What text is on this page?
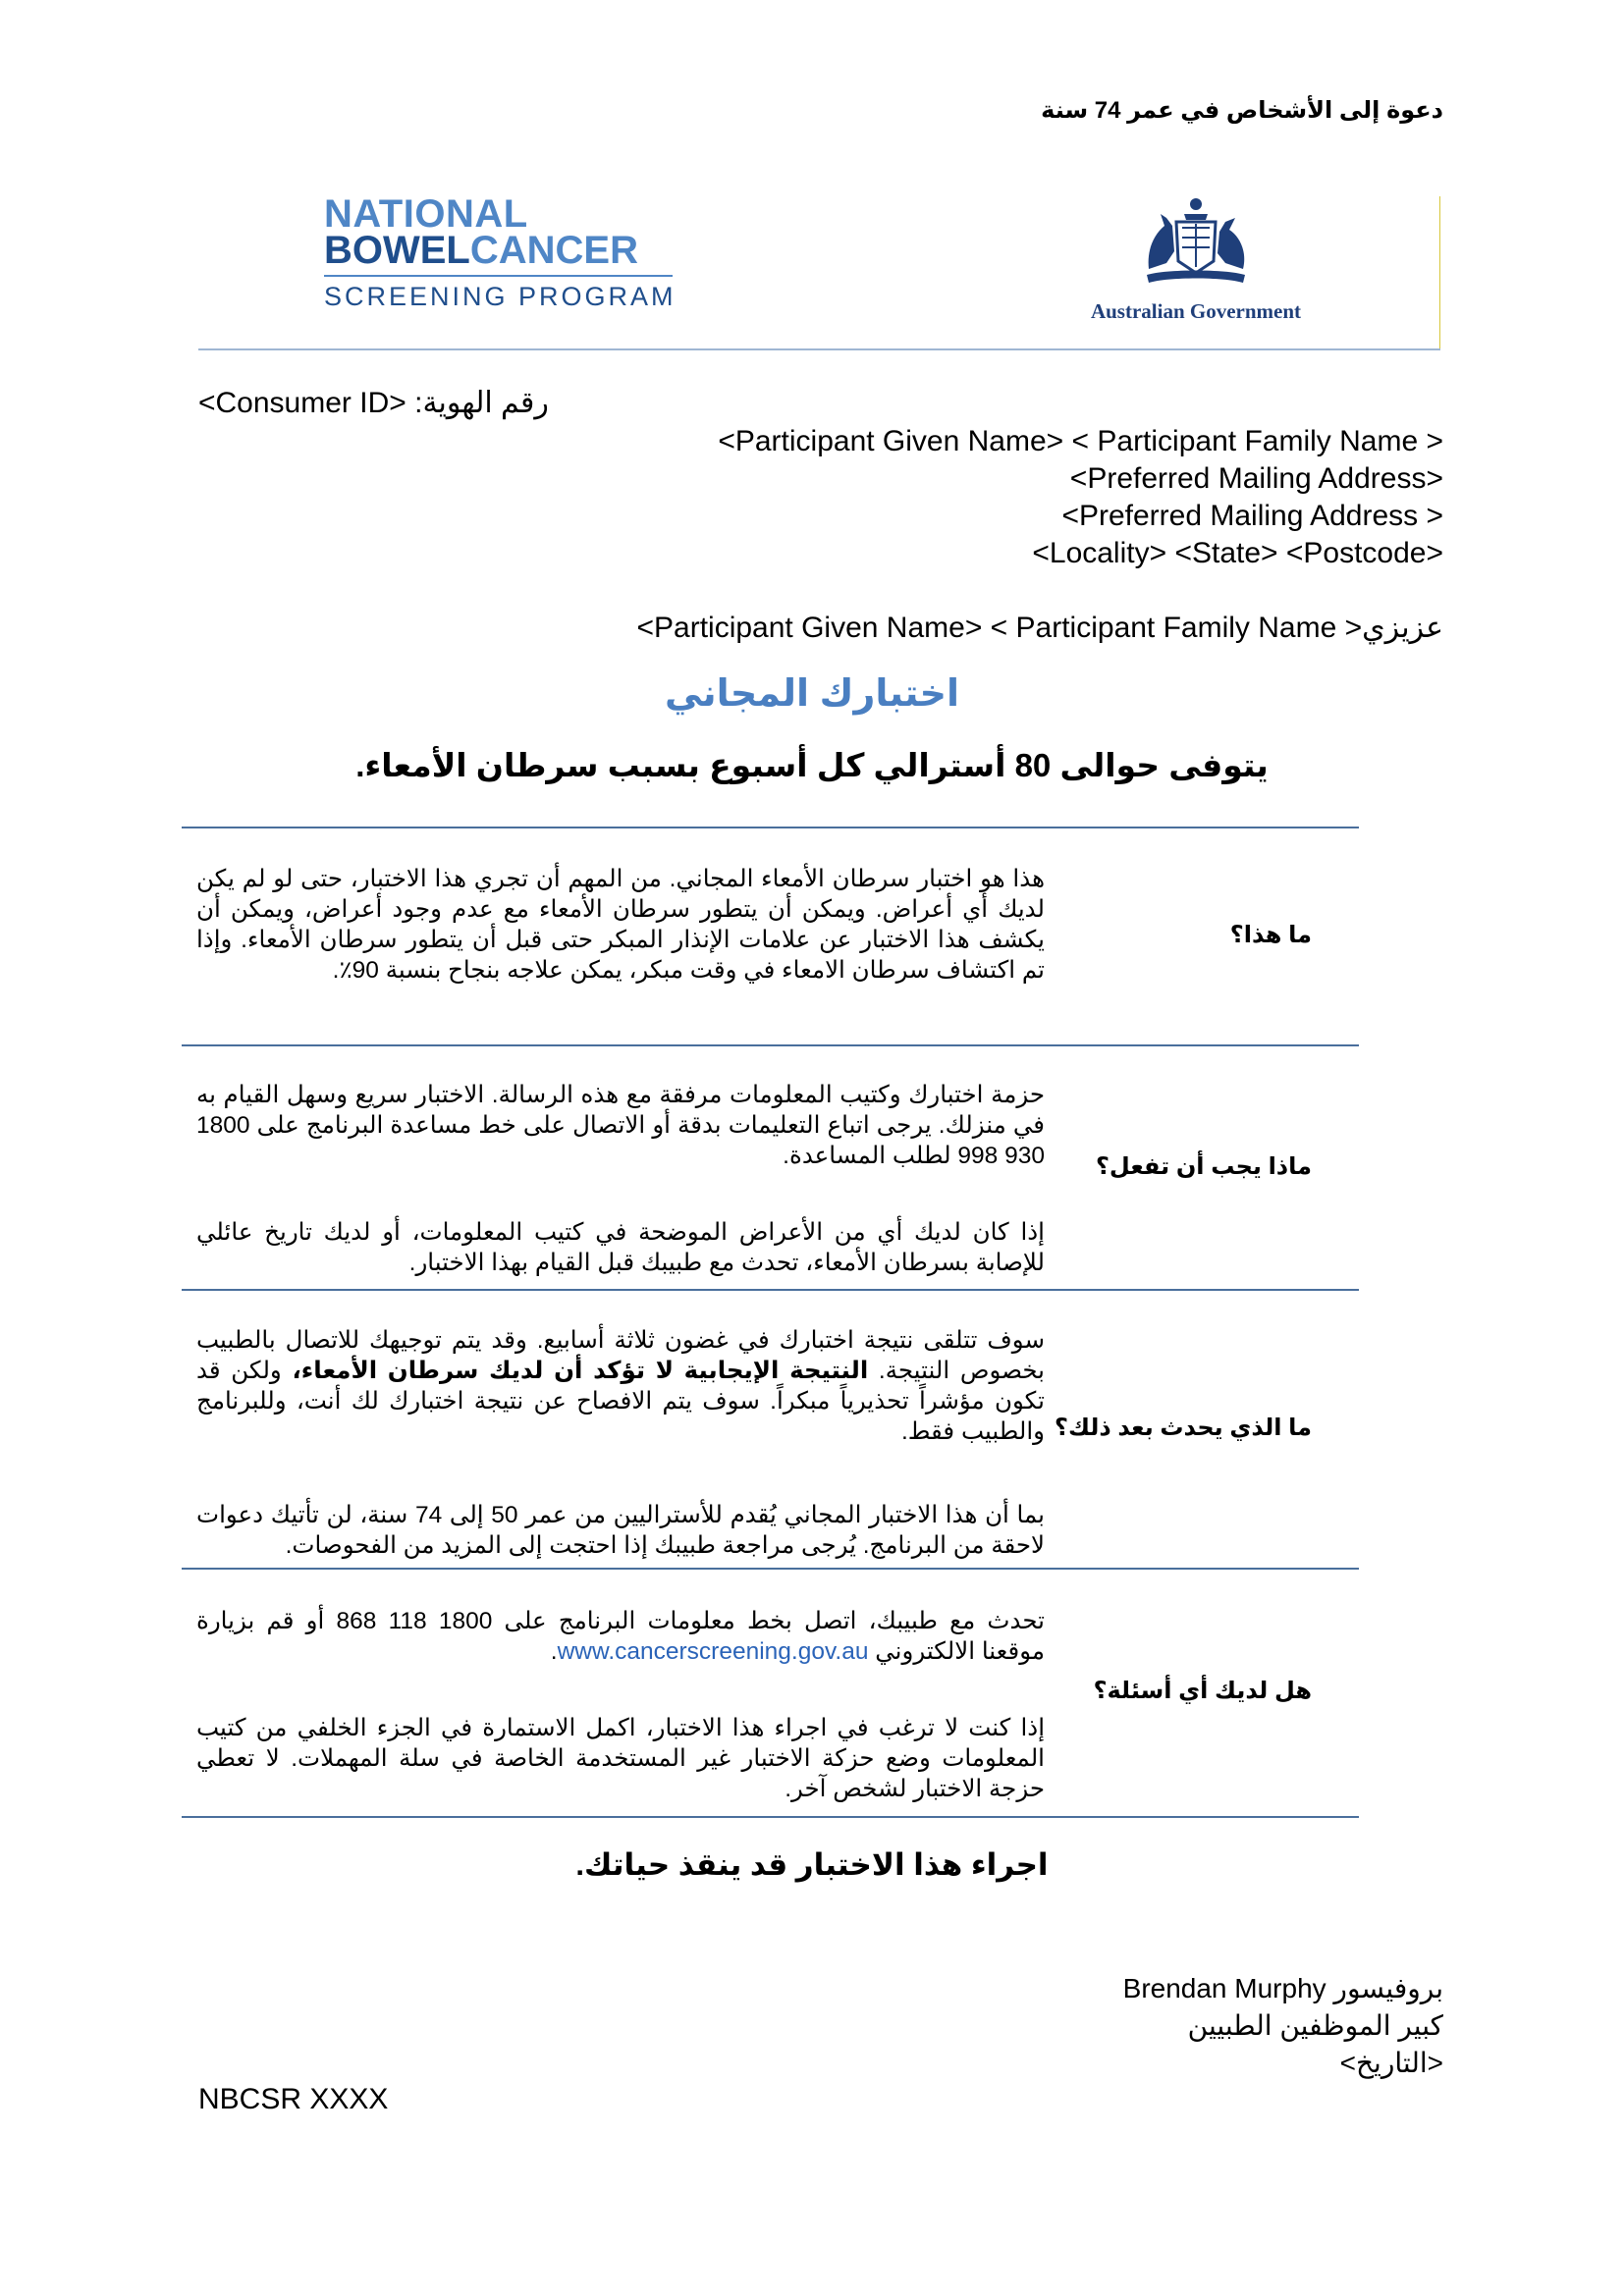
دعوة إلى الأشخاص في عمر 74 سنة
NATIONAL
BOWELCANCER
SCREENING PROGRAM	Australian Government
<Consumer ID> :رقم الهوية
<Participant Given Name> < Participant Family Name >
<Preferred Mailing Address>
<Preferred Mailing Address >
<Locality> <State> <Postcode>
<Participant Given Name> < Participant Family Name >عزيزي
اختبارك المجاني
يتوفى حوالى 80 أسترالي كل أسبوع بسبب سرطان الأمعاء.
ما هذا؟
هذا هو اختبار سرطان الأمعاء المجاني. من المهم أن تجري هذا الاختبار، حتى لو لم يكن لديك أي أعراض. ويمكن أن يتطور سرطان الأمعاء مع عدم وجود أعراض، ويمكن أن يكشف هذا الاختبار عن علامات الإنذار المبكر حتى قبل أن يتطور سرطان الأمعاء. وإذا تم اكتشاف سرطان الامعاء في وقت مبكر، يمكن علاجه بنجاح بنسبة 90٪.
ماذا يجب أن تفعل؟
حزمة اختبارك وكتيب المعلومات مرفقة مع هذه الرسالة. الاختبار سريع وسهل القيام به في منزلك. يرجى اتباع التعليمات بدقة أو الاتصال على خط مساعدة البرنامج على 1800 930 998 لطلب المساعدة.
إذا كان لديك أي من الأعراض الموضحة في كتيب المعلومات، أو لديك تاريخ عائلي للإصابة بسرطان الأمعاء، تحدث مع طبيبك قبل القيام بهذا الاختبار.
ما الذي يحدث بعد ذلك؟
سوف تتلقى نتيجة اختبارك في غضون ثلاثة أسابيع. وقد يتم توجيهك للاتصال بالطبيب بخصوص النتيجة. النتيجة الإيجابية لا تؤكد أن لديك سرطان الأمعاء، ولكن قد تكون مؤشراً تحذيرياً مبكراً. سوف يتم الافصاح عن نتيجة اختبارك لك أنت، وللبرنامج والطبيب فقط.
بما أن هذا الاختبار المجاني يُقدم للأستراليين من عمر 50 إلى 74 سنة، لن تأتيك دعوات لاحقة من البرنامج. يُرجى مراجعة طبيبك إذا احتجت إلى المزيد من الفحوصات.
هل لديك أي أسئلة؟
تحدث مع طبيبك، اتصل بخط معلومات البرنامج على 1800 118 868 أو قم بزيارة موقعنا الالكتروني www.cancerscreening.gov.au.
إذا كنت لا ترغب في اجراء هذا الاختبار، اكمل الاستمارة في الجزء الخلفي من كتيب المعلومات وضع حزكة الاختبار غير المستخدمة الخاصة في سلة المهملات. لا تعطي حزجة الاختبار لشخص آخر.
اجراء هذا الاختبار قد ينقذ حياتك.
بروفيسور Brendan Murphy
كبير الموظفين الطبيين
<التاريخ>
NBCSR XXXX
